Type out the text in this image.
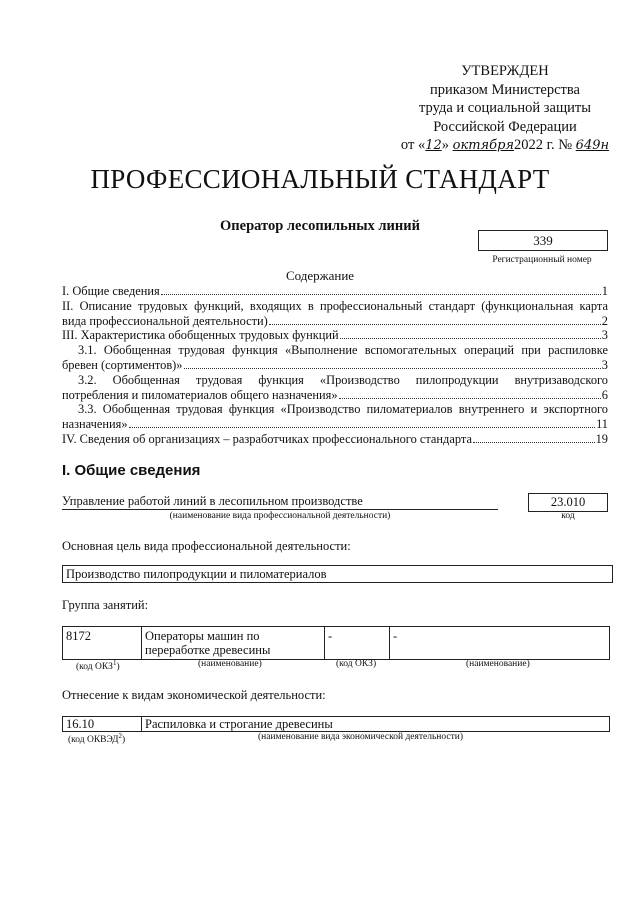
УТВЕРЖДЕН
приказом Министерства
труда и социальной защиты
Российской Федерации
от «12» октября2022 г. № 649н
ПРОФЕССИОНАЛЬНЫЙ СТАНДАРТ
Оператор лесопильных линий
339
Регистрационный номер
Содержание
I. Общие сведения	1
II. Описание трудовых функций, входящих в профессиональный стандарт (функциональная карта
вида профессиональной деятельности)	2
III. Характеристика обобщенных трудовых функций	3
3.1. Обобщенная трудовая функция «Выполнение вспомогательных операций при распиловке
бревен (сортиментов)»	3
3.2. Обобщенная трудовая функция «Производство пилопродукции внутризаводского
потребления и пиломатериалов общего назначения»	6
3.3. Обобщенная трудовая функция «Производство пиломатериалов внутреннего и экспортного
назначения»	11
IV. Сведения об организациях – разработчиках профессионального стандарта	19
I. Общие сведения
Управление работой линий в лесопильном производстве
(наименование вида профессиональной деятельности)
23.010
код
Основная цель вида профессиональной деятельности:
Производство пилопродукции и пиломатериалов
Группа занятий:
8172	Операторы машин по
переработке древесины
	-	-
(код ОКЗ$^1$)	(наименование)	(код ОКЗ)	(наименование)
Отнесение к видам экономической деятельности:
16.10	Распиловка и строгание древесины
(код ОКВЭД$^2$)	(наименование вида экономической деятельности)
